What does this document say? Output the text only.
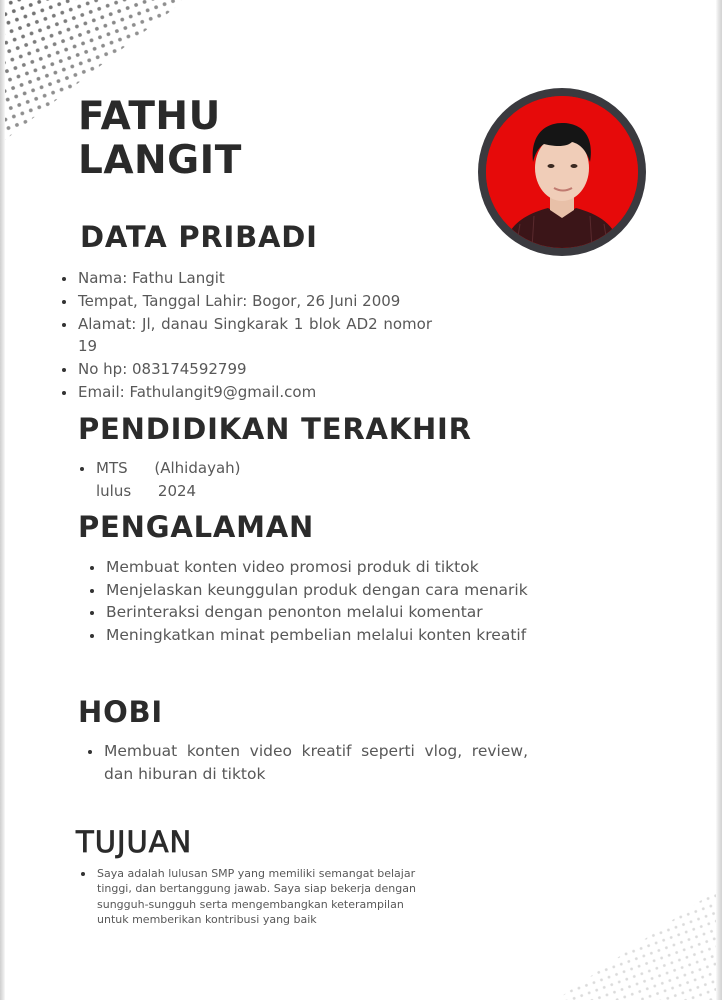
FATHU
LANGIT
DATA PRIBADI
Nama: Fathu Langit
Tempat, Tanggal Lahir: Bogor, 26 Juni 2009
Alamat: Jl, danau Singkarak 1 blok AD2 nomor 19
No hp: 083174592799
Email: Fathulangit9@gmail.com
PENDIDIKAN TERAKHIR
MTS (Alhidayah) lulus 2024
PENGALAMAN
Membuat konten video promosi produk di tiktok
Menjelaskan keunggulan produk dengan cara menarik
Berinteraksi dengan penonton melalui komentar
Meningkatkan minat pembelian melalui konten kreatif
HOBI
Membuat konten video kreatif seperti vlog, review, dan hiburan di tiktok
TUJUAN
Saya adalah lulusan SMP yang memiliki semangat belajar tinggi, dan bertanggung jawab. Saya siap bekerja dengan sungguh-sungguh serta mengembangkan keterampilan untuk memberikan kontribusi yang baik
